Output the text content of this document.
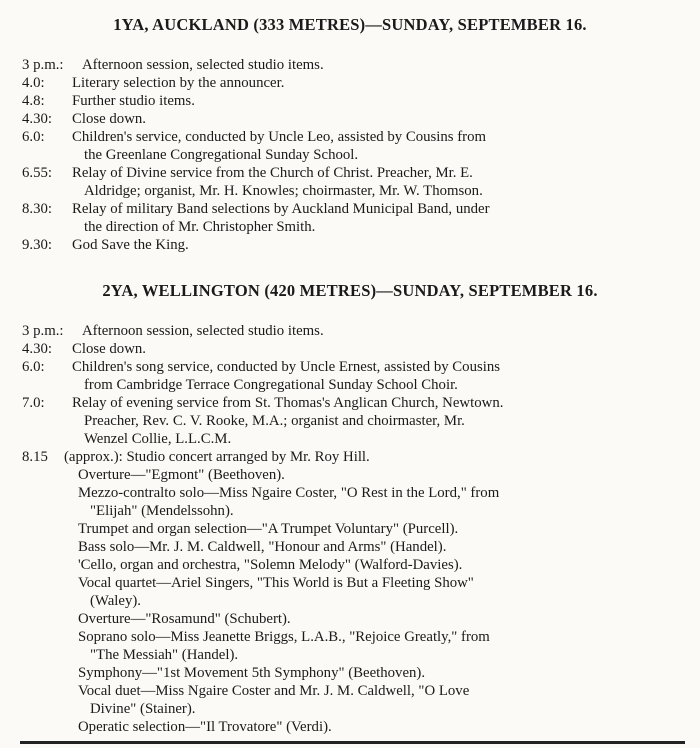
1YA, AUCKLAND (333 METRES)—SUNDAY, SEPTEMBER 16.
3 p.m.: Afternoon session, selected studio items.
4.0: Literary selection by the announcer.
4.8: Further studio items.
4.30: Close down.
6.0: Children's service, conducted by Uncle Leo, assisted by Cousins from
the Greenlane Congregational Sunday School.
6.55: Relay of Divine service from the Church of Christ. Preacher, Mr. E.
Aldridge; organist, Mr. H. Knowles; choirmaster, Mr. W. Thomson.
8.30: Relay of military Band selections by Auckland Municipal Band, under
the direction of Mr. Christopher Smith.
9.30: God Save the King.
2YA, WELLINGTON (420 METRES)—SUNDAY, SEPTEMBER 16.
3 p.m.: Afternoon session, selected studio items.
4.30: Close down.
6.0: Children's song service, conducted by Uncle Ernest, assisted by Cousins
from Cambridge Terrace Congregational Sunday School Choir.
7.0: Relay of evening service from St. Thomas's Anglican Church, Newtown.
Preacher, Rev. C. V. Rooke, M.A.; organist and choirmaster, Mr.
Wenzel Collie, L.L.C.M.
8.15 (approx.): Studio concert arranged by Mr. Roy Hill.
Overture—"Egmont" (Beethoven).
Mezzo-contralto solo—Miss Ngaire Coster, "O Rest in the Lord," from
"Elijah" (Mendelssohn).
Trumpet and organ selection—"A Trumpet Voluntary" (Purcell).
Bass solo—Mr. J. M. Caldwell, "Honour and Arms" (Handel).
'Cello, organ and orchestra, "Solemn Melody" (Walford-Davies).
Vocal quartet—Ariel Singers, "This World is But a Fleeting Show"
(Waley).
Overture—"Rosamund" (Schubert).
Soprano solo—Miss Jeanette Briggs, L.A.B., "Rejoice Greatly," from
"The Messiah" (Handel).
Symphony—"1st Movement 5th Symphony" (Beethoven).
Vocal duet—Miss Ngaire Coster and Mr. J. M. Caldwell, "O Love
Divine" (Stainer).
Operatic selection—"Il Trovatore" (Verdi).
